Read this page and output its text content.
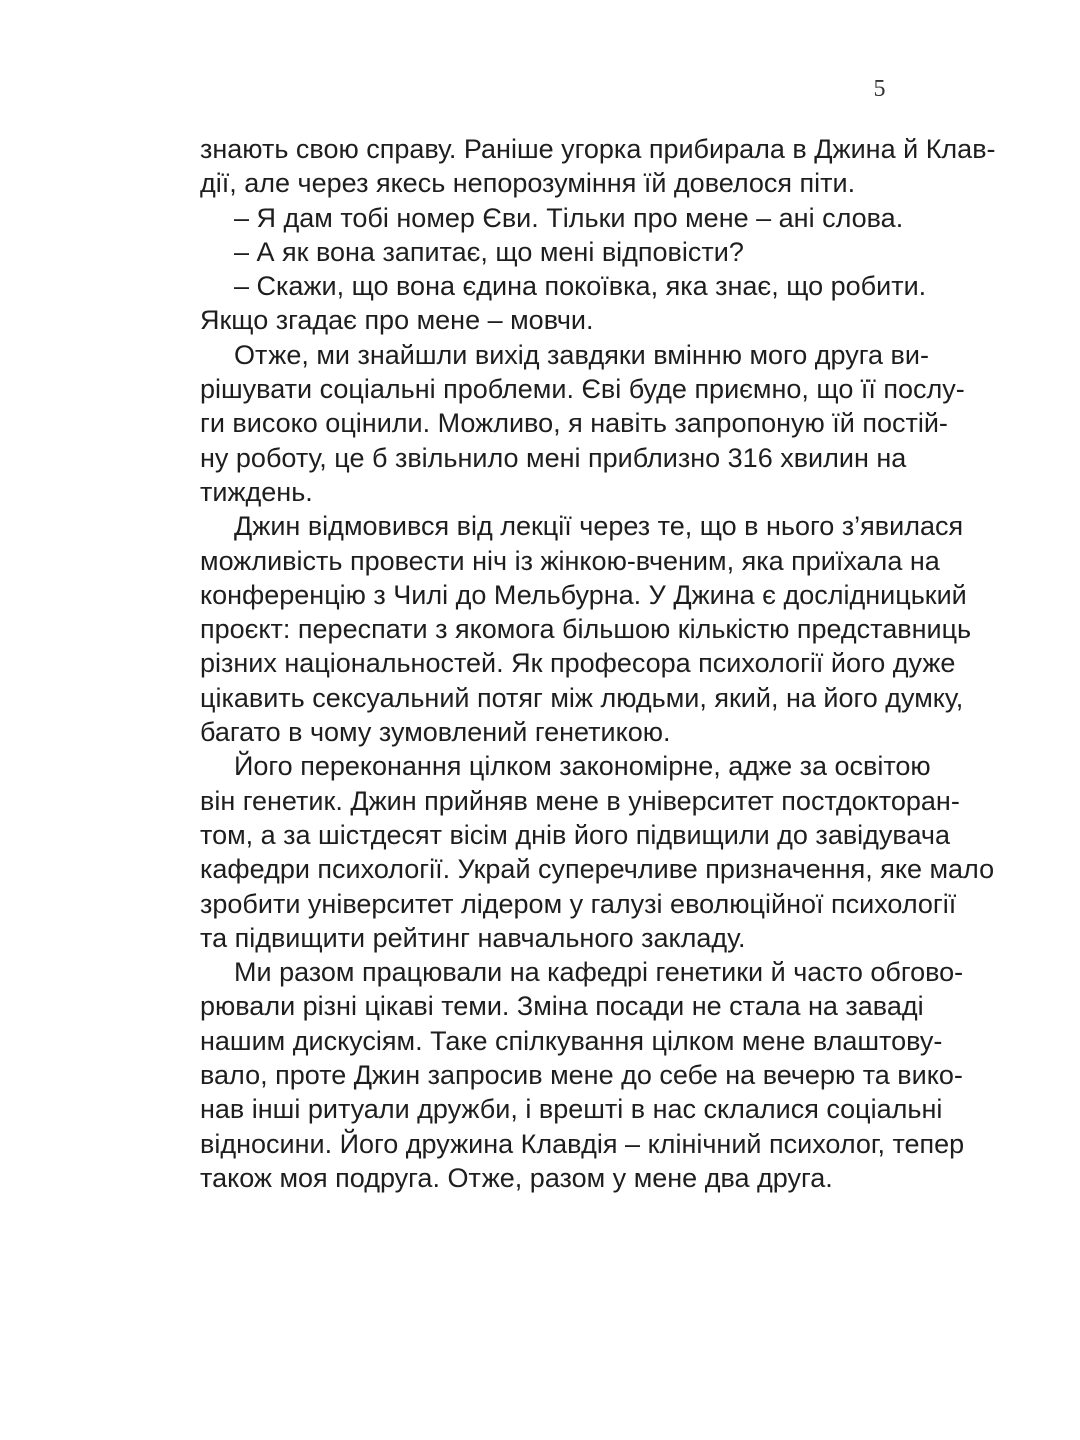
5
знають свою справу. Раніше угорка прибирала в Джина й Клав-
дії, але через якесь непорозуміння їй довелося піти.
– Я дам тобі номер Єви. Тільки про мене – ані слова.
– А як вона запитає, що мені відповісти?
– Скажи, що вона єдина покоївка, яка знає, що робити.
Якщо згадає про мене – мовчи.
Отже, ми знайшли вихід завдяки вмінню мого друга ви-
рішувати соціальні проблеми. Єві буде приємно, що її послу-
ги високо оцінили. Можливо, я навіть запропоную їй постій-
ну роботу, це б звільнило мені приблизно 316 хвилин на
тиждень.
Джин відмовився від лекції через те, що в нього з’явилася
можливість провести ніч із жінкою-вченим, яка приїхала на
конференцію з Чилі до Мельбурна. У Джина є дослідницький
проєкт: переспати з якомога більшою кількістю представниць
різних національностей. Як професора психології його дуже
цікавить сексуальний потяг між людьми, який, на його думку,
багато в чому зумовлений генетикою.
Його переконання цілком закономірне, адже за освітою
він генетик. Джин прийняв мене в університет постдокторан-
том, а за шістдесят вісім днів його підвищили до завідувача
кафедри психології. Украй суперечливе призначення, яке мало
зробити університет лідером у галузі еволюційної психології
та підвищити рейтинг навчального закладу.
Ми разом працювали на кафедрі генетики й часто обгово-
рювали різні цікаві теми. Зміна посади не стала на заваді
нашим дискусіям. Таке спілкування цілком мене влаштову-
вало, проте Джин запросив мене до себе на вечерю та вико-
нав інші ритуали дружби, і врешті в нас склалися соціальні
відносини. Його дружина Клавдія – клінічний психолог, тепер
також моя подруга. Отже, разом у мене два друга.
